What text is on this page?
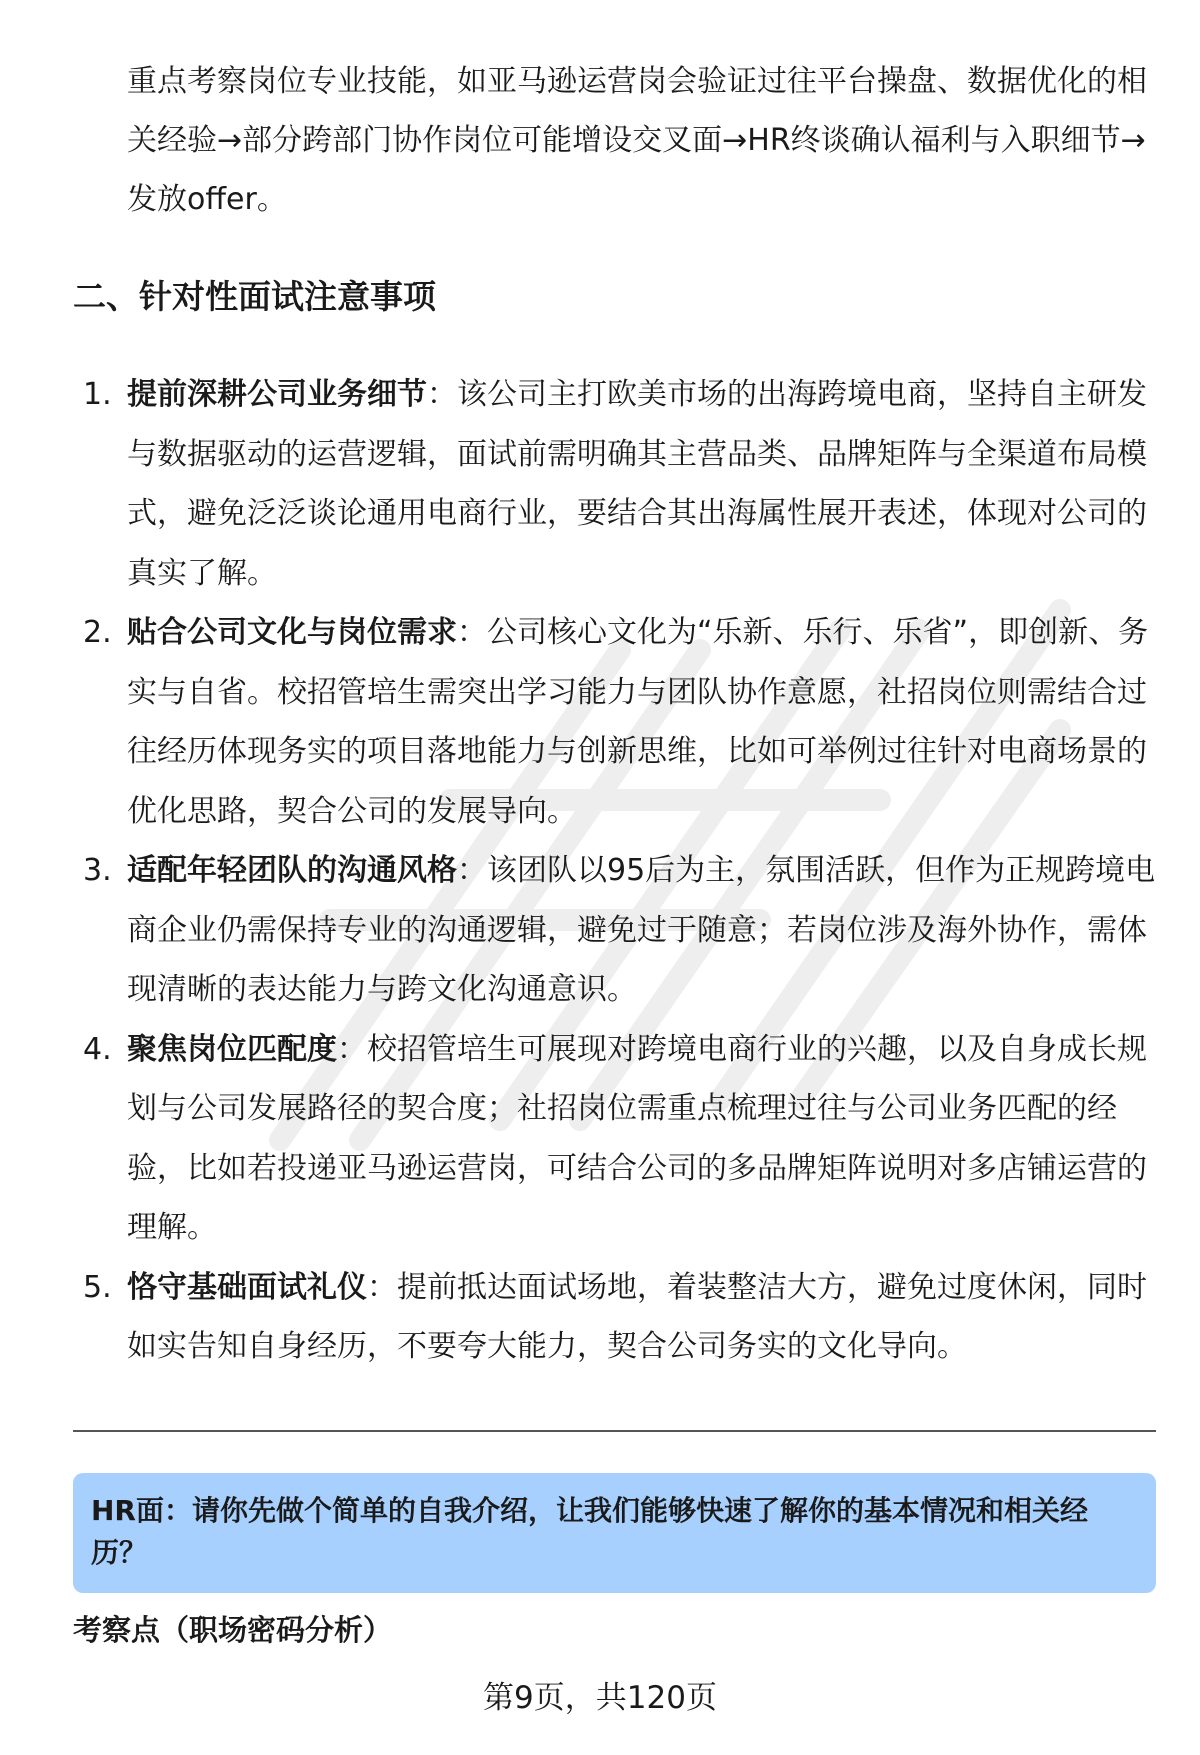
重点考察岗位专业技能，如亚马逊运营岗会验证过往平台操盘、数据优化的相关经验→部分跨部门协作岗位可能增设交叉面→HR终谈确认福利与入职细节→发放offer。

二、针对性面试注意事项
1. 提前深耕公司业务细节：该公司主打欧美市场的出海跨境电商，坚持自主研发与数据驱动的运营逻辑，面试前需明确其主营品类、品牌矩阵与全渠道布局模式，避免泛泛谈论通用电商行业，要结合其出海属性展开表述，体现对公司的真实了解。
2. 贴合公司文化与岗位需求：公司核心文化为“乐新、乐行、乐省”，即创新、务实与自省。校招管培生需突出学习能力与团队协作意愿，社招岗位则需结合过往经历体现务实的项目落地能力与创新思维，比如可举例过往针对电商场景的优化思路，契合公司的发展导向。
3. 适配年轻团队的沟通风格：该团队以95后为主，氛围活跃，但作为正规跨境电商企业仍需保持专业的沟通逻辑，避免过于随意；若岗位涉及海外协作，需体现清晰的表达能力与跨文化沟通意识。
4. 聚焦岗位匹配度：校招管培生可展现对跨境电商行业的兴趣，以及自身成长规划与公司发展路径的契合度；社招岗位需重点梳理过往与公司业务匹配的经验，比如若投递亚马逊运营岗，可结合公司的多品牌矩阵说明对多店铺运营的理解。
5. 恪守基础面试礼仪：提前抵达面试场地，着装整洁大方，避免过度休闲，同时如实告知自身经历，不要夸大能力，契合公司务实的文化导向。

HR面：请你先做个简单的自我介绍，让我们能够快速了解你的基本情况和相关经历？

考察点（职场密码分析）
第9页，共120页
